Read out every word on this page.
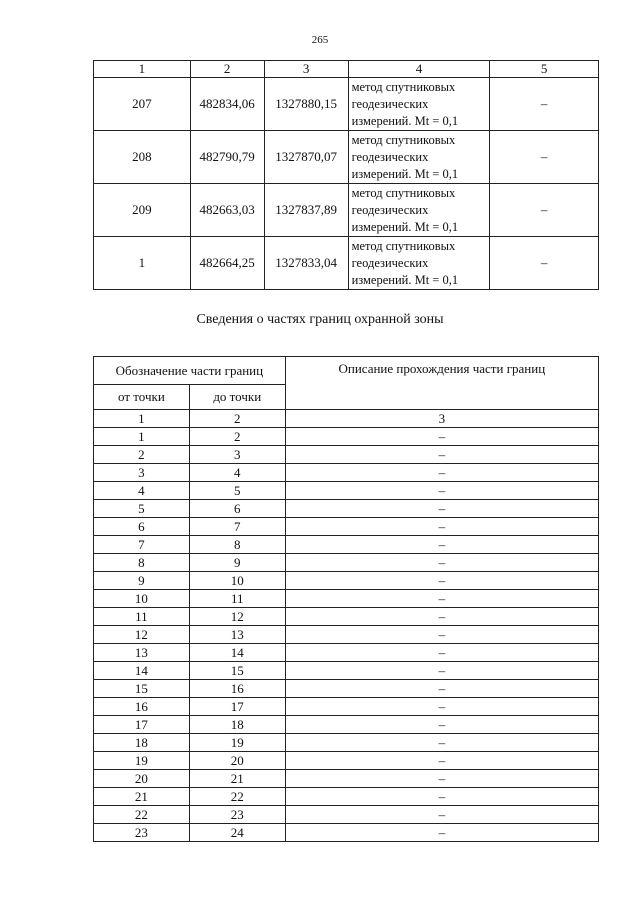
265
1	2	3	4	5
207	482834,06	1327880,15	метод спутниковых
геодезических
измерений. Mt = 0,1	–
208	482790,79	1327870,07	метод спутниковых
геодезических
измерений. Mt = 0,1	–
209	482663,03	1327837,89	метод спутниковых
геодезических
измерений. Mt = 0,1	–
1	482664,25	1327833,04	метод спутниковых
геодезических
измерений. Mt = 0,1	–
Сведения о частях границ охранной зоны
Обозначение части границ		Описание прохождения части границ
от точки	до точки	
1	2	3
1	2	–
2	3	–
3	4	–
4	5	–
5	6	–
6	7	–
7	8	–
8	9	–
9	10	–
10	11	–
11	12	–
12	13	–
13	14	–
14	15	–
15	16	–
16	17	–
17	18	–
18	19	–
19	20	–
20	21	–
21	22	–
22	23	–
23	24	–
